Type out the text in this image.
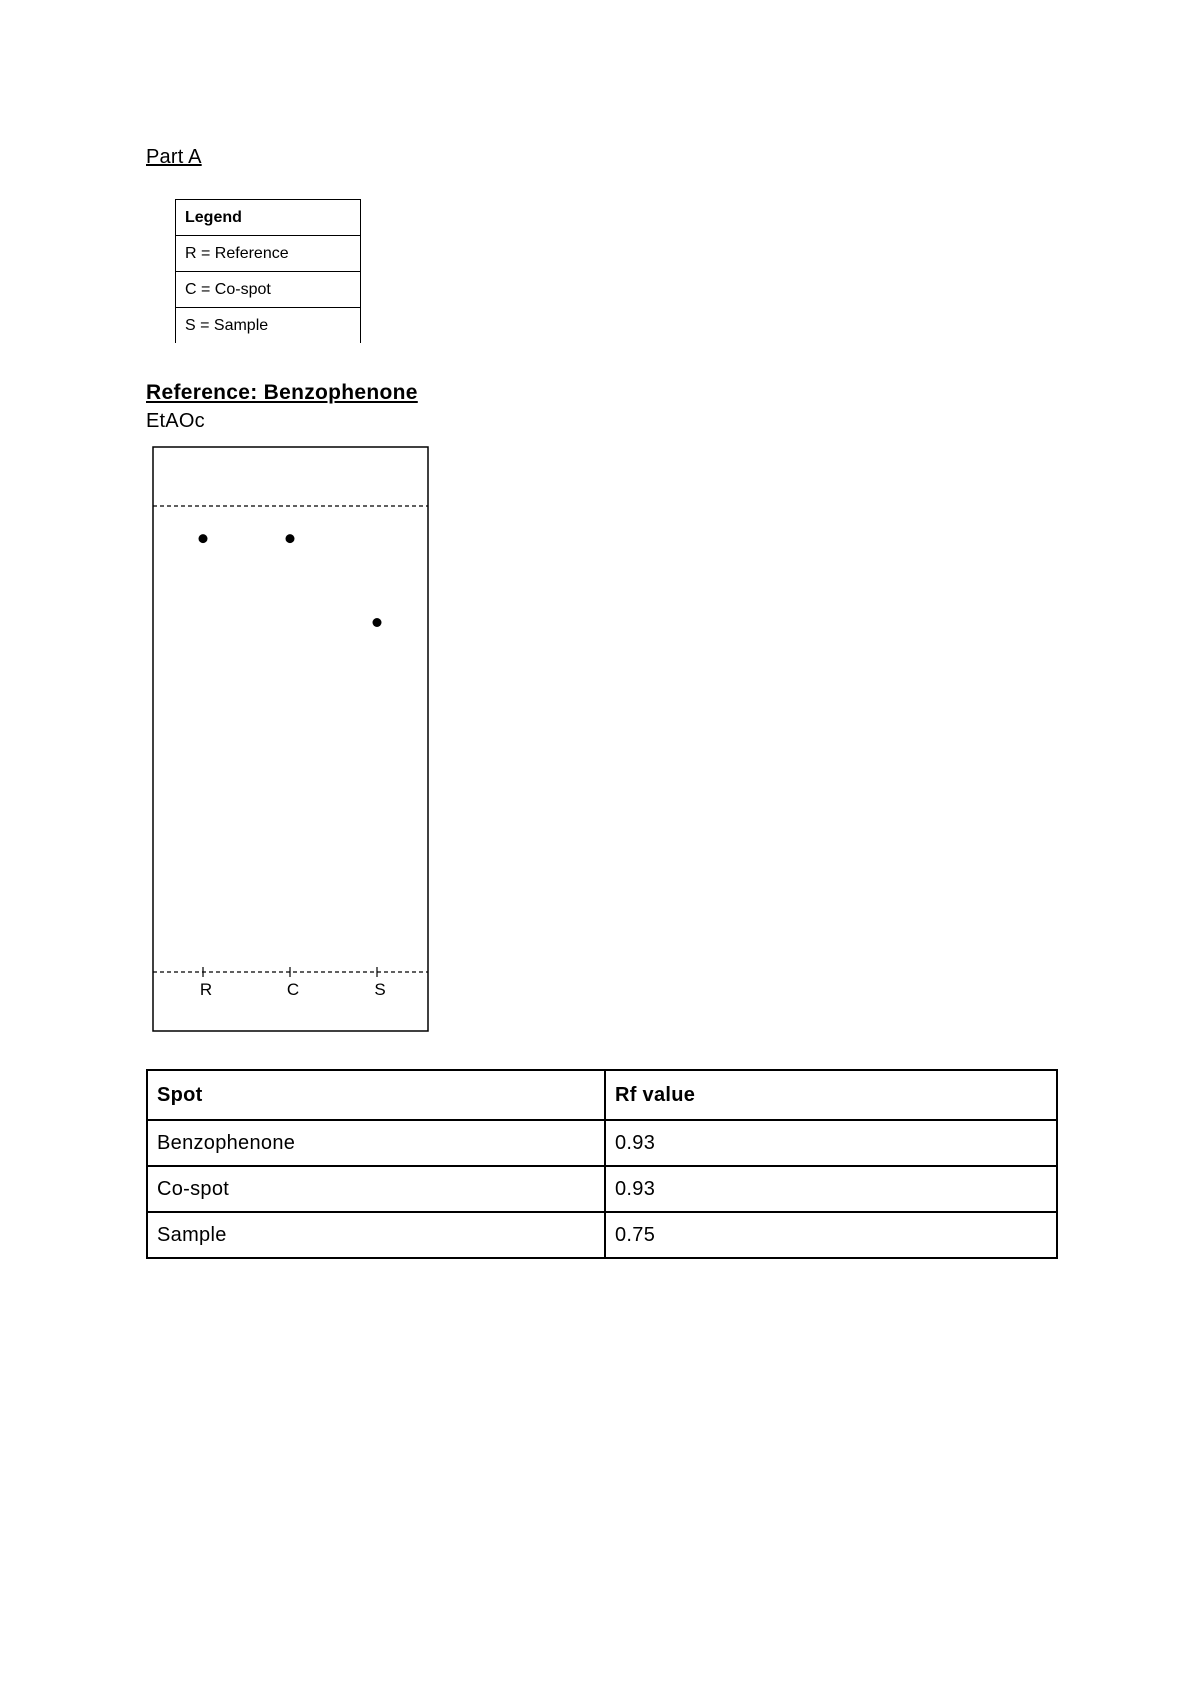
Part A
Legend
R = Reference
C = Co-spot
S = Sample
Reference: Benzophenone
EtAOc
R	C	S
Spot	Rf value
Benzophenone	0.93
Co-spot	0.93
Sample	0.75
